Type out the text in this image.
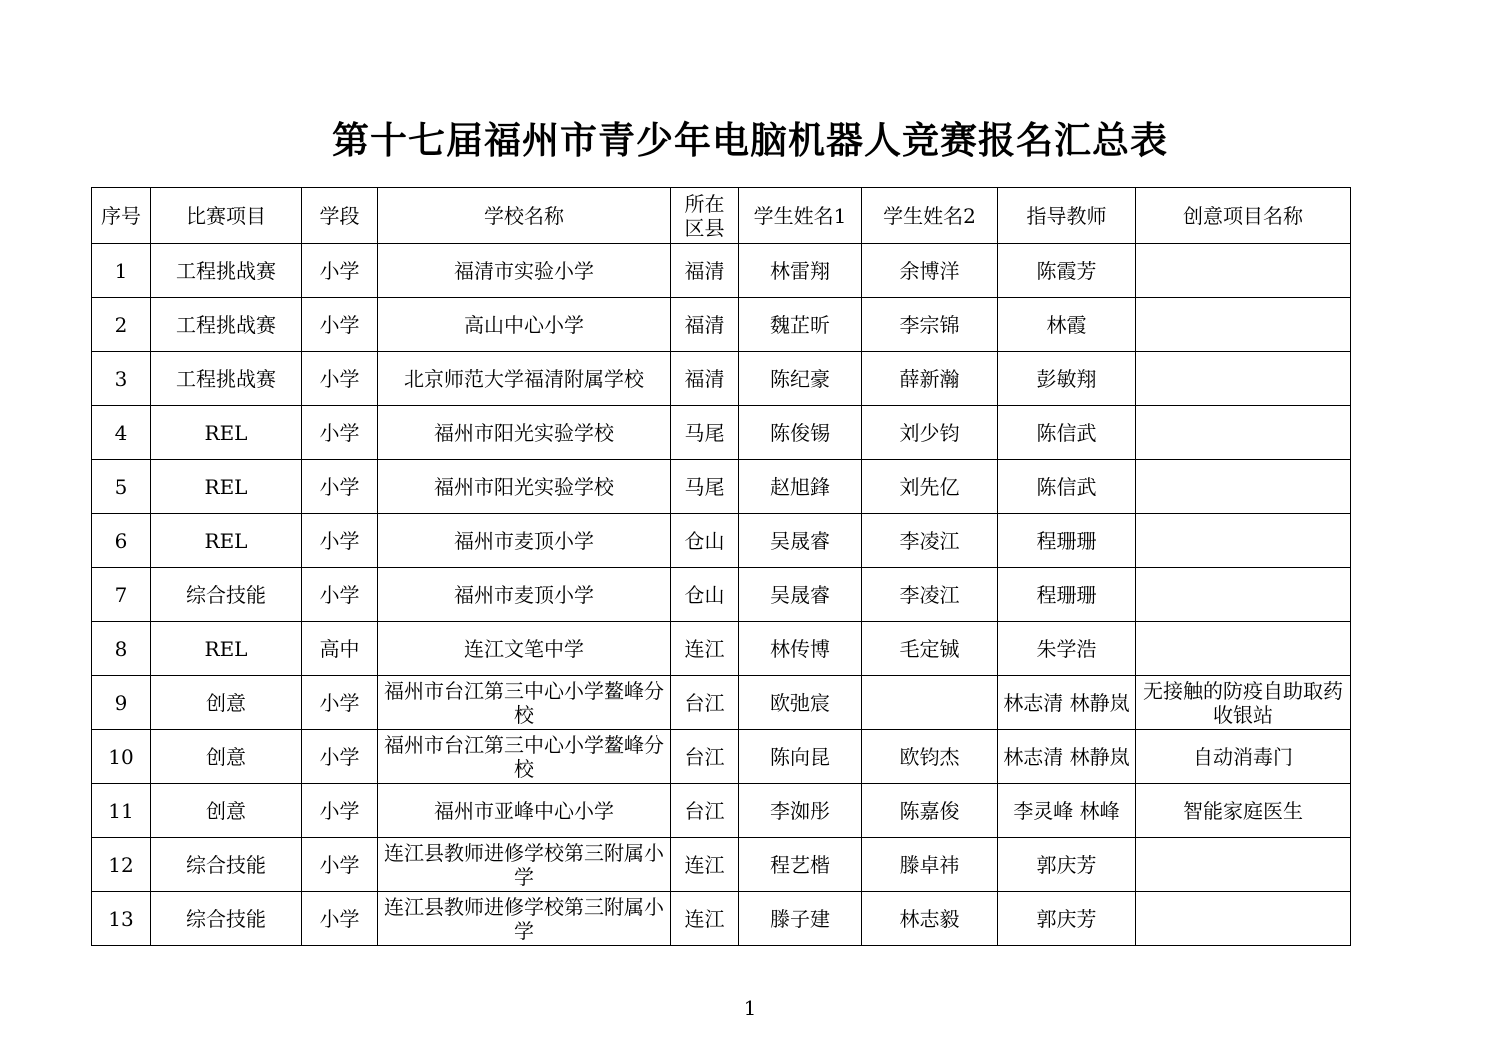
第十七届福州市青少年电脑机器人竞赛报名汇总表
序号	比赛项目	学段	学校名称	所在区县	学生姓名1	学生姓名2	指导教师	创意项目名称
1	工程挑战赛	小学	福清市实验小学	福清	林雷翔	余博洋	陈霞芳	
2	工程挑战赛	小学	高山中心小学	福清	魏芷昕	李宗锦	林霞	
3	工程挑战赛	小学	北京师范大学福清附属学校	福清	陈纪豪	薛新瀚	彭敏翔	
4	REL	小学	福州市阳光实验学校	马尾	陈俊锡	刘少钧	陈信武	
5	REL	小学	福州市阳光实验学校	马尾	赵旭鋒	刘先亿	陈信武	
6	REL	小学	福州市麦顶小学	仓山	吴晟睿	李凌江	程珊珊	
7	综合技能	小学	福州市麦顶小学	仓山	吴晟睿	李凌江	程珊珊	
8	REL	高中	连江文笔中学	连江	林传博	毛定铖	朱学浩	
9	创意	小学	福州市台江第三中心小学鳌峰分校	台江	欧弛宸		林志清 林静岚	无接触的防疫自助取药收银站
10	创意	小学	福州市台江第三中心小学鳌峰分校	台江	陈向昆	欧钧杰	林志清 林静岚	自动消毒门
11	创意	小学	福州市亚峰中心小学	台江	李洳彤	陈嘉俊	李灵峰 林峰	智能家庭医生
12	综合技能	小学	连江县教师进修学校第三附属小学	连江	程艺楷	滕卓祎	郭庆芳	
13	综合技能	小学	连江县教师进修学校第三附属小学	连江	滕子建	林志毅	郭庆芳	
1
